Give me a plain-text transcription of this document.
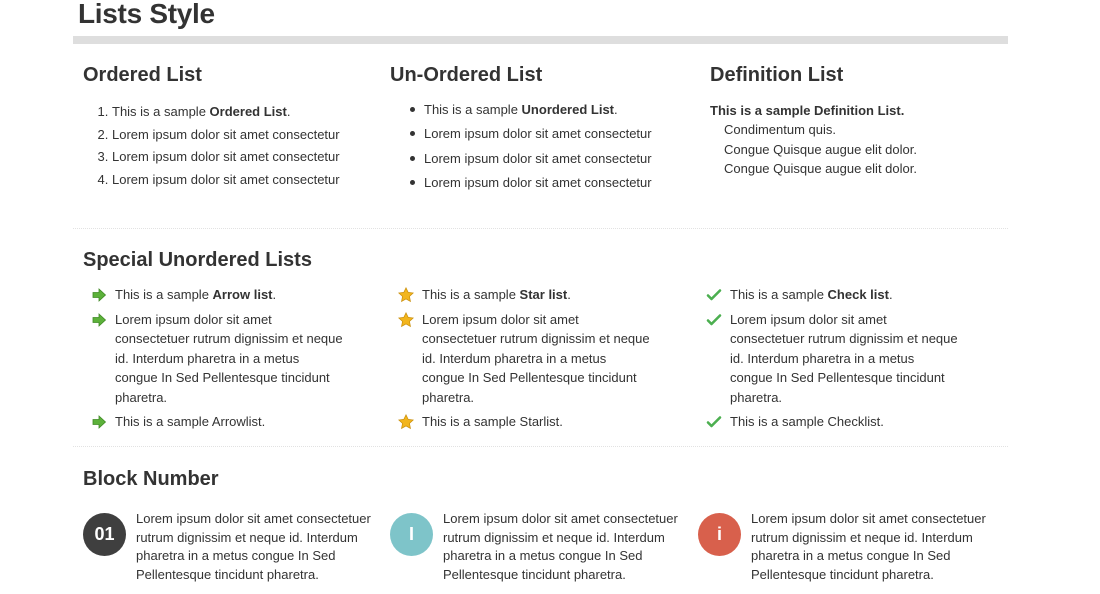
Lists Style
Ordered List
1. This is a sample Ordered List.
2. Lorem ipsum dolor sit amet consectetur
3. Lorem ipsum dolor sit amet consectetur
4. Lorem ipsum dolor sit amet consectetur
Un-Ordered List
This is a sample Unordered List.
Lorem ipsum dolor sit amet consectetur
Lorem ipsum dolor sit amet consectetur
Lorem ipsum dolor sit amet consectetur
Definition List

This is a sample Definition List.

Condimentum quis.

Congue Quisque augue elit dolor.

Congue Quisque augue elit dolor.

Special Unordered Lists
This is a sample Arrow list.
Lorem ipsum dolor sit amet consectetuer rutrum dignissim et neque id. Interdum pharetra in a metus congue In Sed Pellentesque tincidunt pharetra.
This is a sample Arrowlist.
This is a sample Star list.
Lorem ipsum dolor sit amet consectetuer rutrum dignissim et neque id. Interdum pharetra in a metus congue In Sed Pellentesque tincidunt pharetra.
This is a sample Starlist.
This is a sample Check list.
Lorem ipsum dolor sit amet consectetuer rutrum dignissim et neque id. Interdum pharetra in a metus congue In Sed Pellentesque tincidunt pharetra.
This is a sample Checklist.
Block Number
01
Lorem ipsum dolor sit amet consectetuer rutrum dignissim et neque id. Interdum pharetra in a metus congue In Sed Pellentesque tincidunt pharetra.
I
Lorem ipsum dolor sit amet consectetuer rutrum dignissim et neque id. Interdum pharetra in a metus congue In Sed Pellentesque tincidunt pharetra.
i
Lorem ipsum dolor sit amet consectetuer rutrum dignissim et neque id. Interdum pharetra in a metus congue In Sed Pellentesque tincidunt pharetra.
